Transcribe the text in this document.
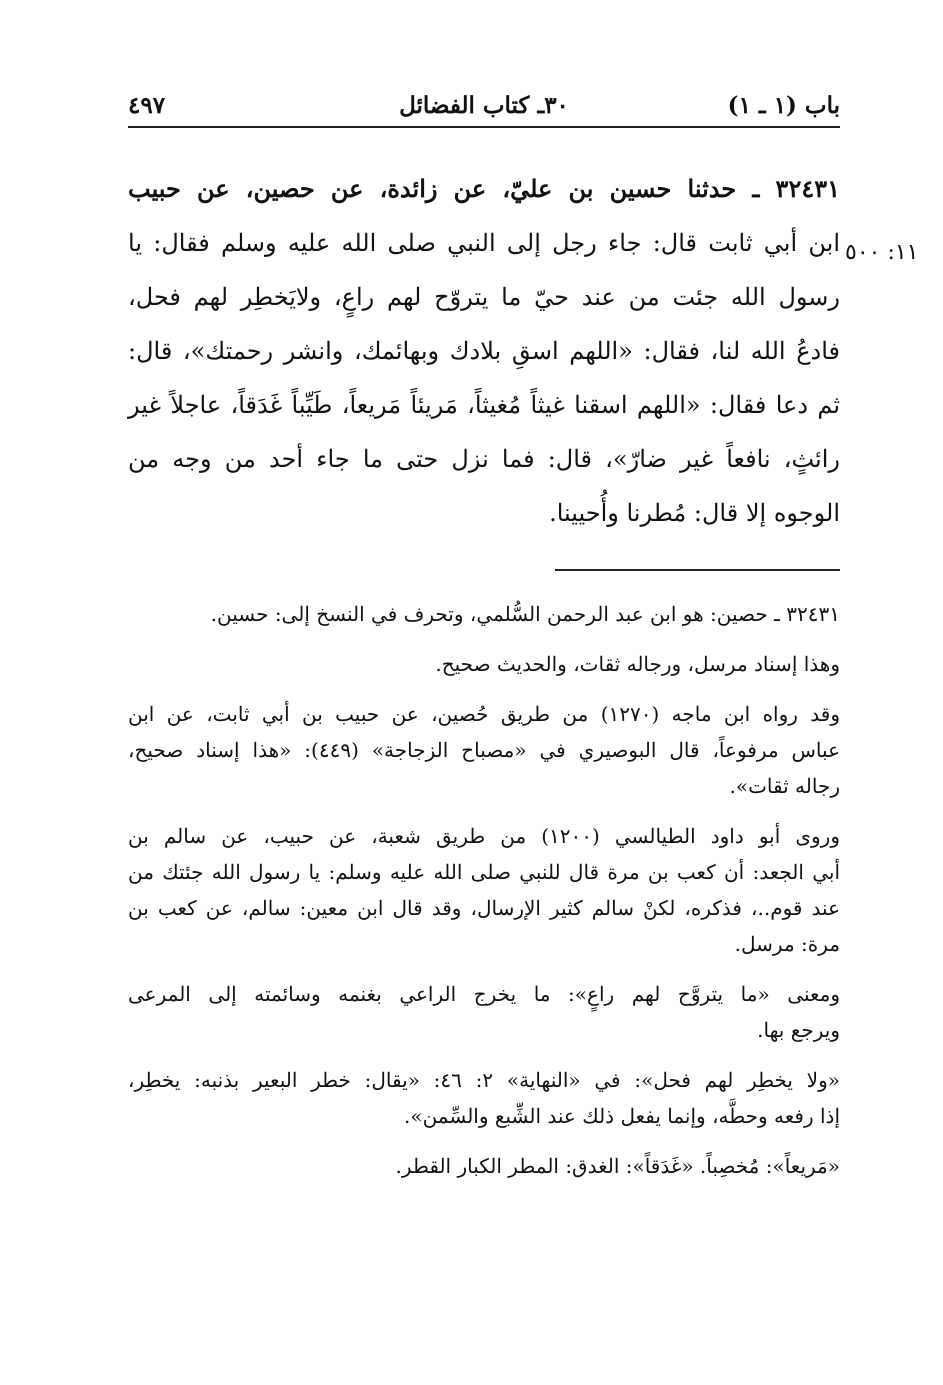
باب (١ ـ ١)
٣٠ـ كتاب الفضائل
٤٩٧
١١: ٥٠٠
٣٢٤٣١ ـ حدثنا حسين بن عليّ، عن زائدة، عن حصين، عن حبيب
ابن أبي ثابت قال: جاء رجل إلى النبي صلى الله عليه وسلم فقال: يا
رسول الله جئت من عند حيّ ما يتروّح لهم راعٍ، ولايَخطِر لهم فحل،
فادعُ الله لنا، فقال: «اللهم اسقِ بلادك وبهائمك، وانشر رحمتك»، قال:
ثم دعا فقال: «اللهم اسقنا غيثاً مُغيثاً، مَريئاً مَريعاً، طَيِّباً غَدَقاً، عاجلاً غير
رائثٍ، نافعاً غير ضارّ»، قال: فما نزل حتى ما جاء أحد من وجه من
الوجوه إلا قال: مُطرنا وأُحيينا.

٣٢٤٣١ ـ حصين: هو ابن عبد الرحمن السُّلمي، وتحرف في النسخ إلى: حسين.

وهذا إسناد مرسل، ورجاله ثقات، والحديث صحيح.

وقد رواه ابن ماجه (١٢٧٠) من طريق حُصين، عن حبيب بن أبي ثابت، عن ابن
عباس مرفوعاً، قال البوصيري في «مصباح الزجاجة» (٤٤٩): «هذا إسناد صحيح،
رجاله ثقات».

وروى أبو داود الطيالسي (١٢٠٠) من طريق شعبة، عن حبيب، عن سالم بن
أبي الجعد: أن كعب بن مرة قال للنبي صلى الله عليه وسلم: يا رسول الله جئتك من
عند قوم..، فذكره، لكنْ سالم كثير الإرسال، وقد قال ابن معين: سالم، عن كعب بن
مرة: مرسل.

ومعنى «ما يتروَّح لهم راعٍ»: ما يخرج الراعي بغنمه وسائمته إلى المرعى
ويرجع بها.

«ولا يخطِر لهم فحل»: في «النهاية» ٢: ٤٦: «يقال: خطر البعير بذنبه: يخطِر،
إذا رفعه وحطَّه، وإنما يفعل ذلك عند الشِّبع والسِّمن».

«مَريعاً»: مُخصِباً. «غَدَقاً»: الغدق: المطر الكبار القطر.
